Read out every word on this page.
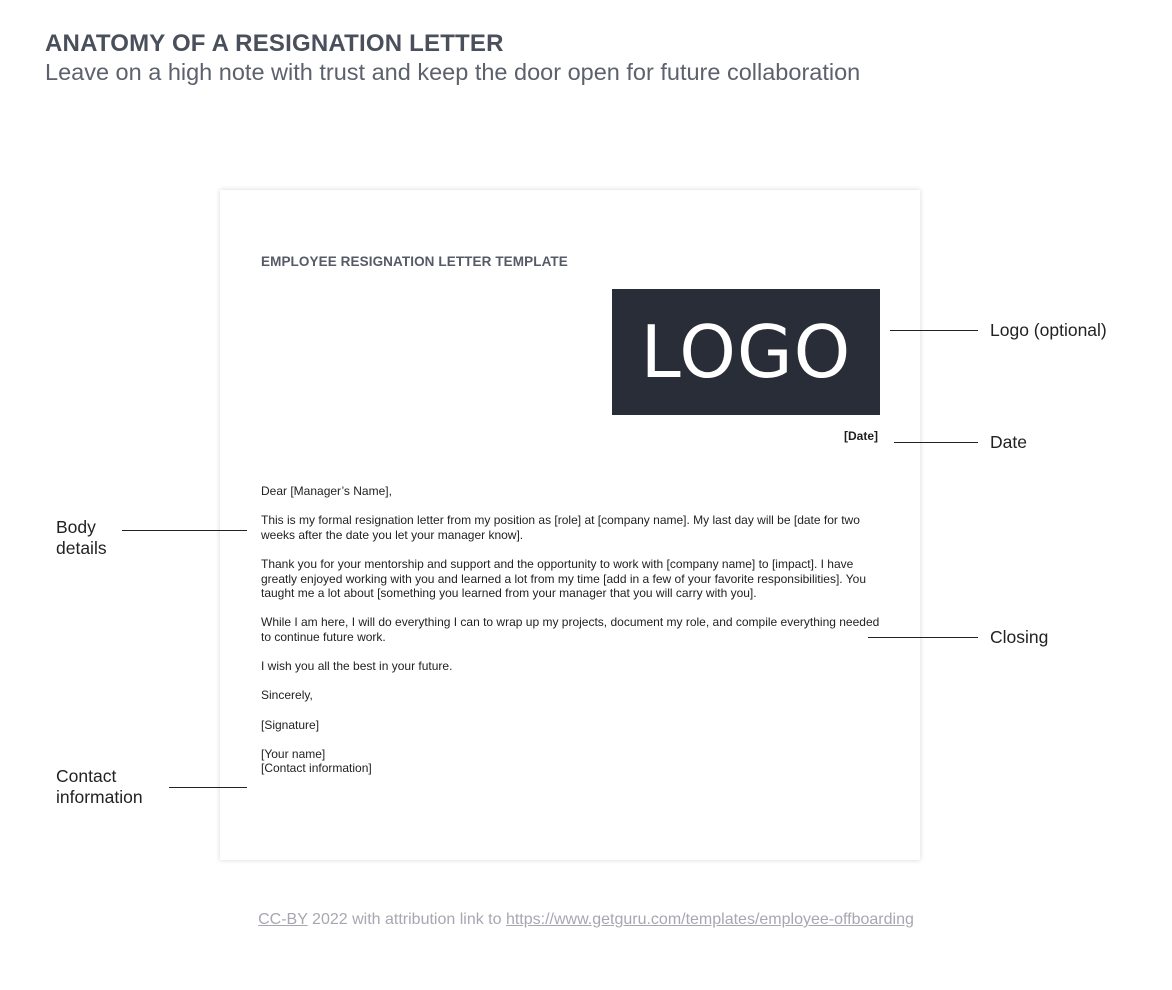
ANATOMY OF A RESIGNATION LETTER
Leave on a high note with trust and keep the door open for future collaboration
EMPLOYEE RESIGNATION LETTER TEMPLATE
LOGO
[Date]

Dear [Manager’s Name],

This is my formal resignation letter from my position as [role] at [company name]. My last day will be [date for two weeks after the date you let your manager know].

Thank you for your mentorship and support and the opportunity to work with [company name] to [impact]. I have greatly enjoyed working with you and learned a lot from my time [add in a few of your favorite responsibilities]. You taught me a lot about [something you learned from your manager that you will carry with you].

While I am here, I will do everything I can to wrap up my projects, document my role, and compile everything needed to continue future work.

I wish you all the best in your future.

Sincerely,

[Signature]

[Your name]

[Contact information]

Logo (optional)
Date
Closing
Body
details
Contact
information
CC-BY 2022 with attribution link to https://www.getguru.com/templates/employee-offboarding
